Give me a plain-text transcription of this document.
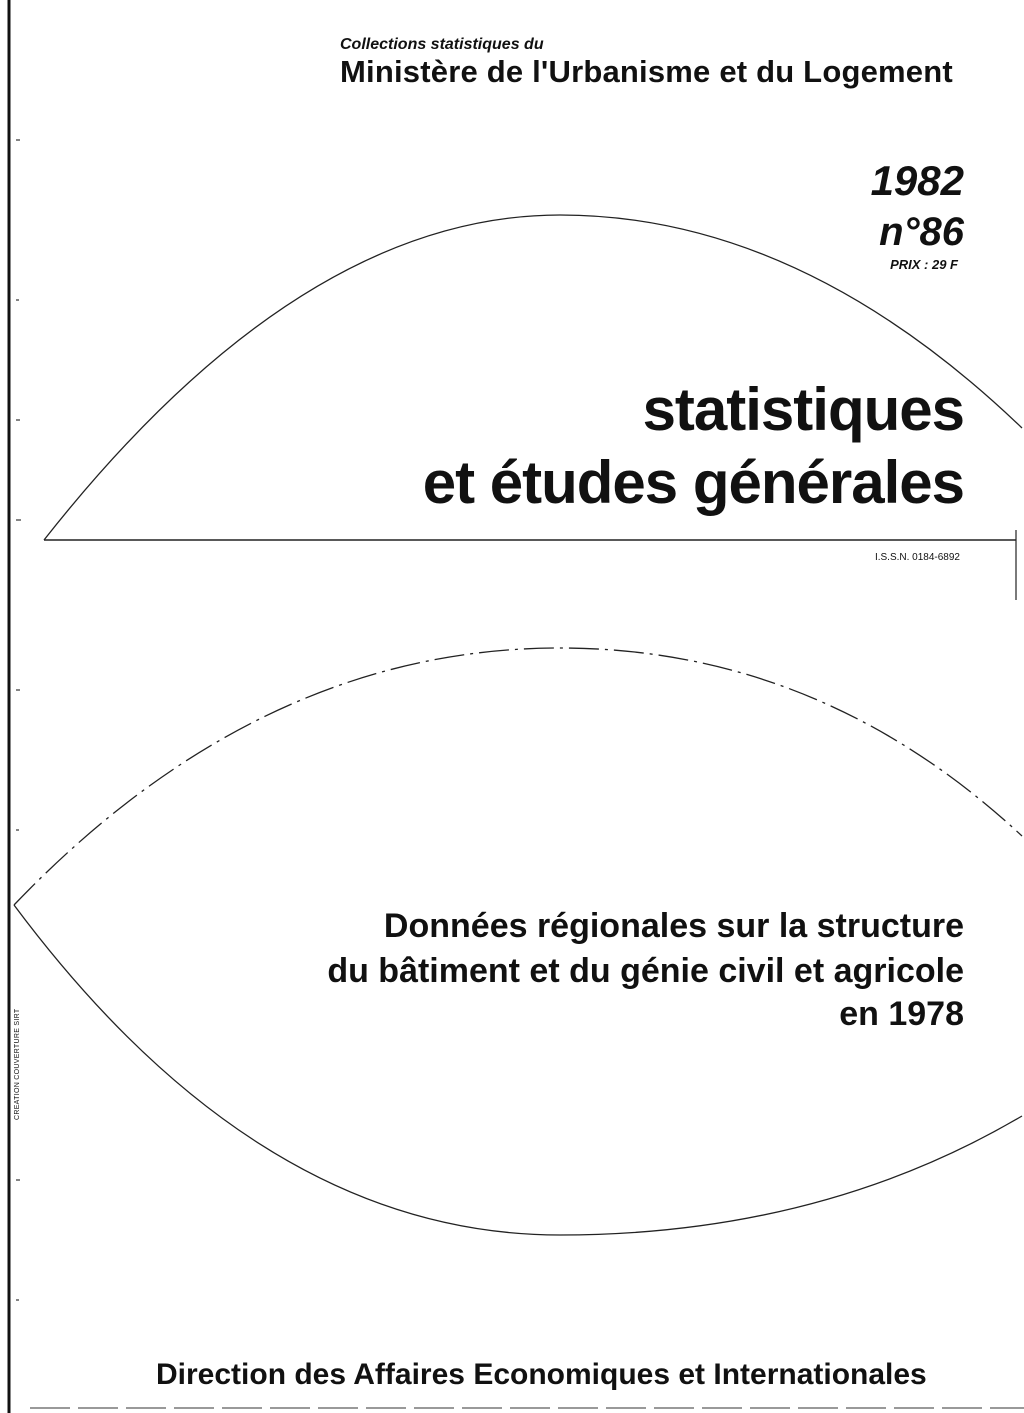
Collections statistiques du
Ministère de l'Urbanisme et du Logement
1982
n°86
PRIX : 29 F
statistiques
et études générales
I.S.S.N. 0184-6892
Données régionales sur la structure
du bâtiment et du génie civil et agricole
en 1978
CREATION COUVERTURE SIRT
Direction des Affaires Economiques et Internationales
